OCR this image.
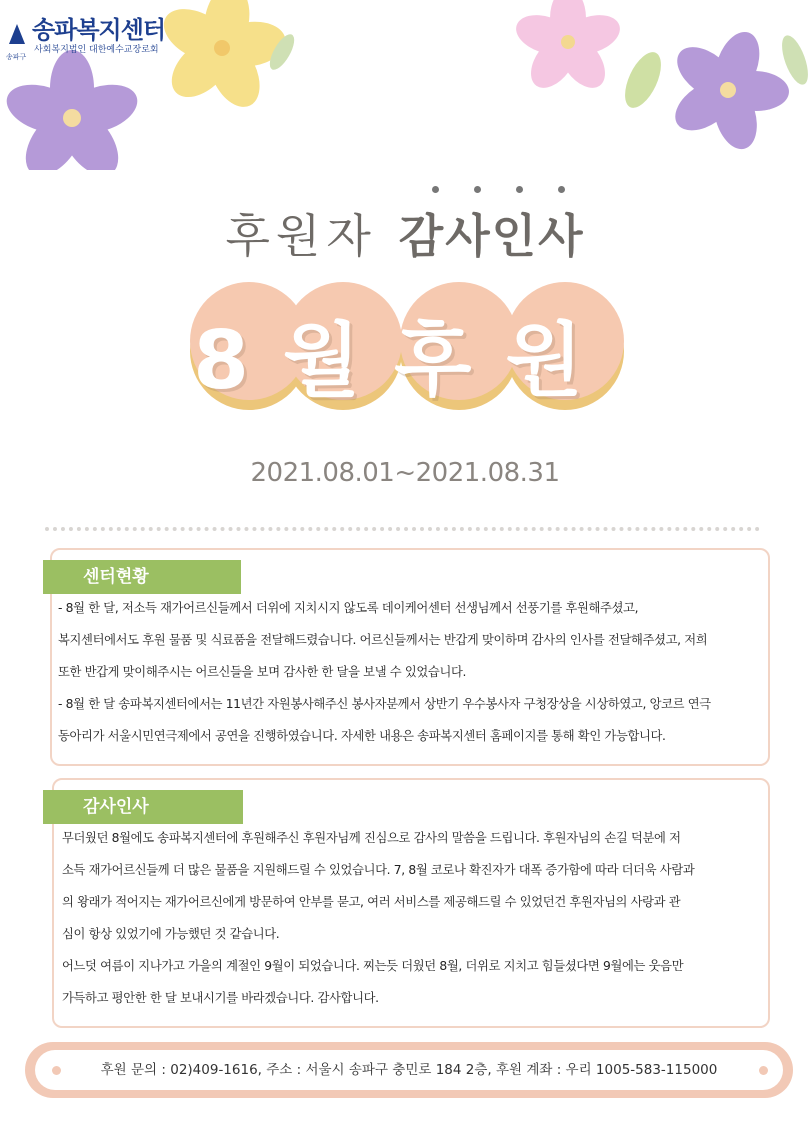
송파구
송파복지센터
사회복지법인 대한예수교장로회
후원자 감사인사
8월후원
2021.08.01~2021.08.31
센터현황
- 8월 한 달, 저소득 재가어르신들께서 더위에 지치시지 않도록 데이케어센터 선생님께서 선풍기를 후원해주셨고,
복지센터에서도 후원 물품 및 식료품을 전달해드렸습니다. 어르신들께서는 반갑게 맞이하며 감사의 인사를 전달해주셨고, 저희
또한 반갑게 맞이해주시는 어르신들을 보며 감사한 한 달을 보낼 수 있었습니다.
- 8월 한 달 송파복지센터에서는 11년간 자원봉사해주신 봉사자분께서 상반기 우수봉사자 구청장상을 시상하였고, 앙코르 연극
동아리가 서울시민연극제에서 공연을 진행하였습니다. 자세한 내용은 송파복지센터 홈페이지를 통해 확인 가능합니다.
감사인사
무더웠던 8월에도 송파복지센터에 후원해주신 후원자님께 진심으로 감사의 말씀을 드립니다. 후원자님의 손길 덕분에 저
소득 재가어르신들께 더 많은 물품을 지원해드릴 수 있었습니다. 7, 8월 코로나 확진자가 대폭 증가함에 따라 더더욱 사람과
의 왕래가 적어지는 재가어르신에게 방문하여 안부를 묻고, 여러 서비스를 제공해드릴 수 있었던건 후원자님의 사랑과 관
심이 항상 있었기에 가능했던 것 같습니다.
어느덧 여름이 지나가고 가을의 계절인 9월이 되었습니다. 찌는듯 더웠던 8월, 더위로 지치고 힘들셨다면 9월에는 웃음만
가득하고 평안한 한 달 보내시기를 바라겠습니다. 감사합니다.
후원 문의 : 02)409-1616, 주소 : 서울시 송파구 충민로 184 2층, 후원 계좌 : 우리 1005-583-115000
